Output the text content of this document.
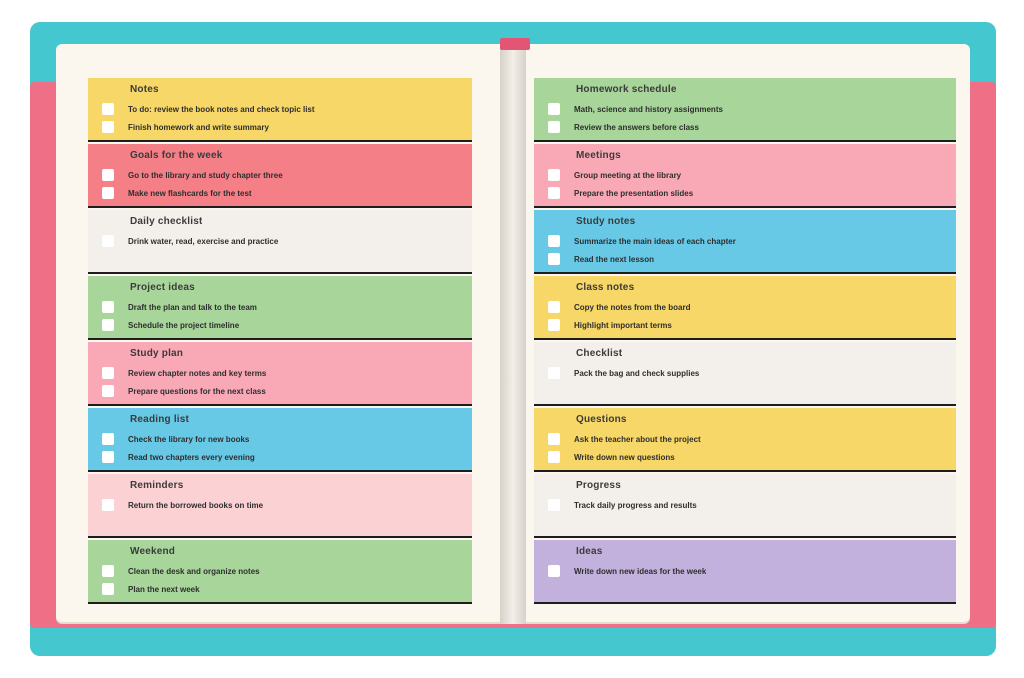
Notes
To do: review the book notes and check topic list
Finish homework and write summary
Goals for the week
Go to the library and study chapter three
Make new flashcards for the test
Daily checklist
Drink water, read, exercise and practice
Project ideas
Draft the plan and talk to the team
Schedule the project timeline
Study plan
Review chapter notes and key terms
Prepare questions for the next class
Reading list
Check the library for new books
Read two chapters every evening
Reminders
Return the borrowed books on time
Weekend
Clean the desk and organize notes
Plan the next week
Homework schedule
Math, science and history assignments
Review the answers before class
Meetings
Group meeting at the library
Prepare the presentation slides
Study notes
Summarize the main ideas of each chapter
Read the next lesson
Class notes
Copy the notes from the board
Highlight important terms
Checklist
Pack the bag and check supplies
Questions
Ask the teacher about the project
Write down new questions
Progress
Track daily progress and results
Ideas
Write down new ideas for the week
